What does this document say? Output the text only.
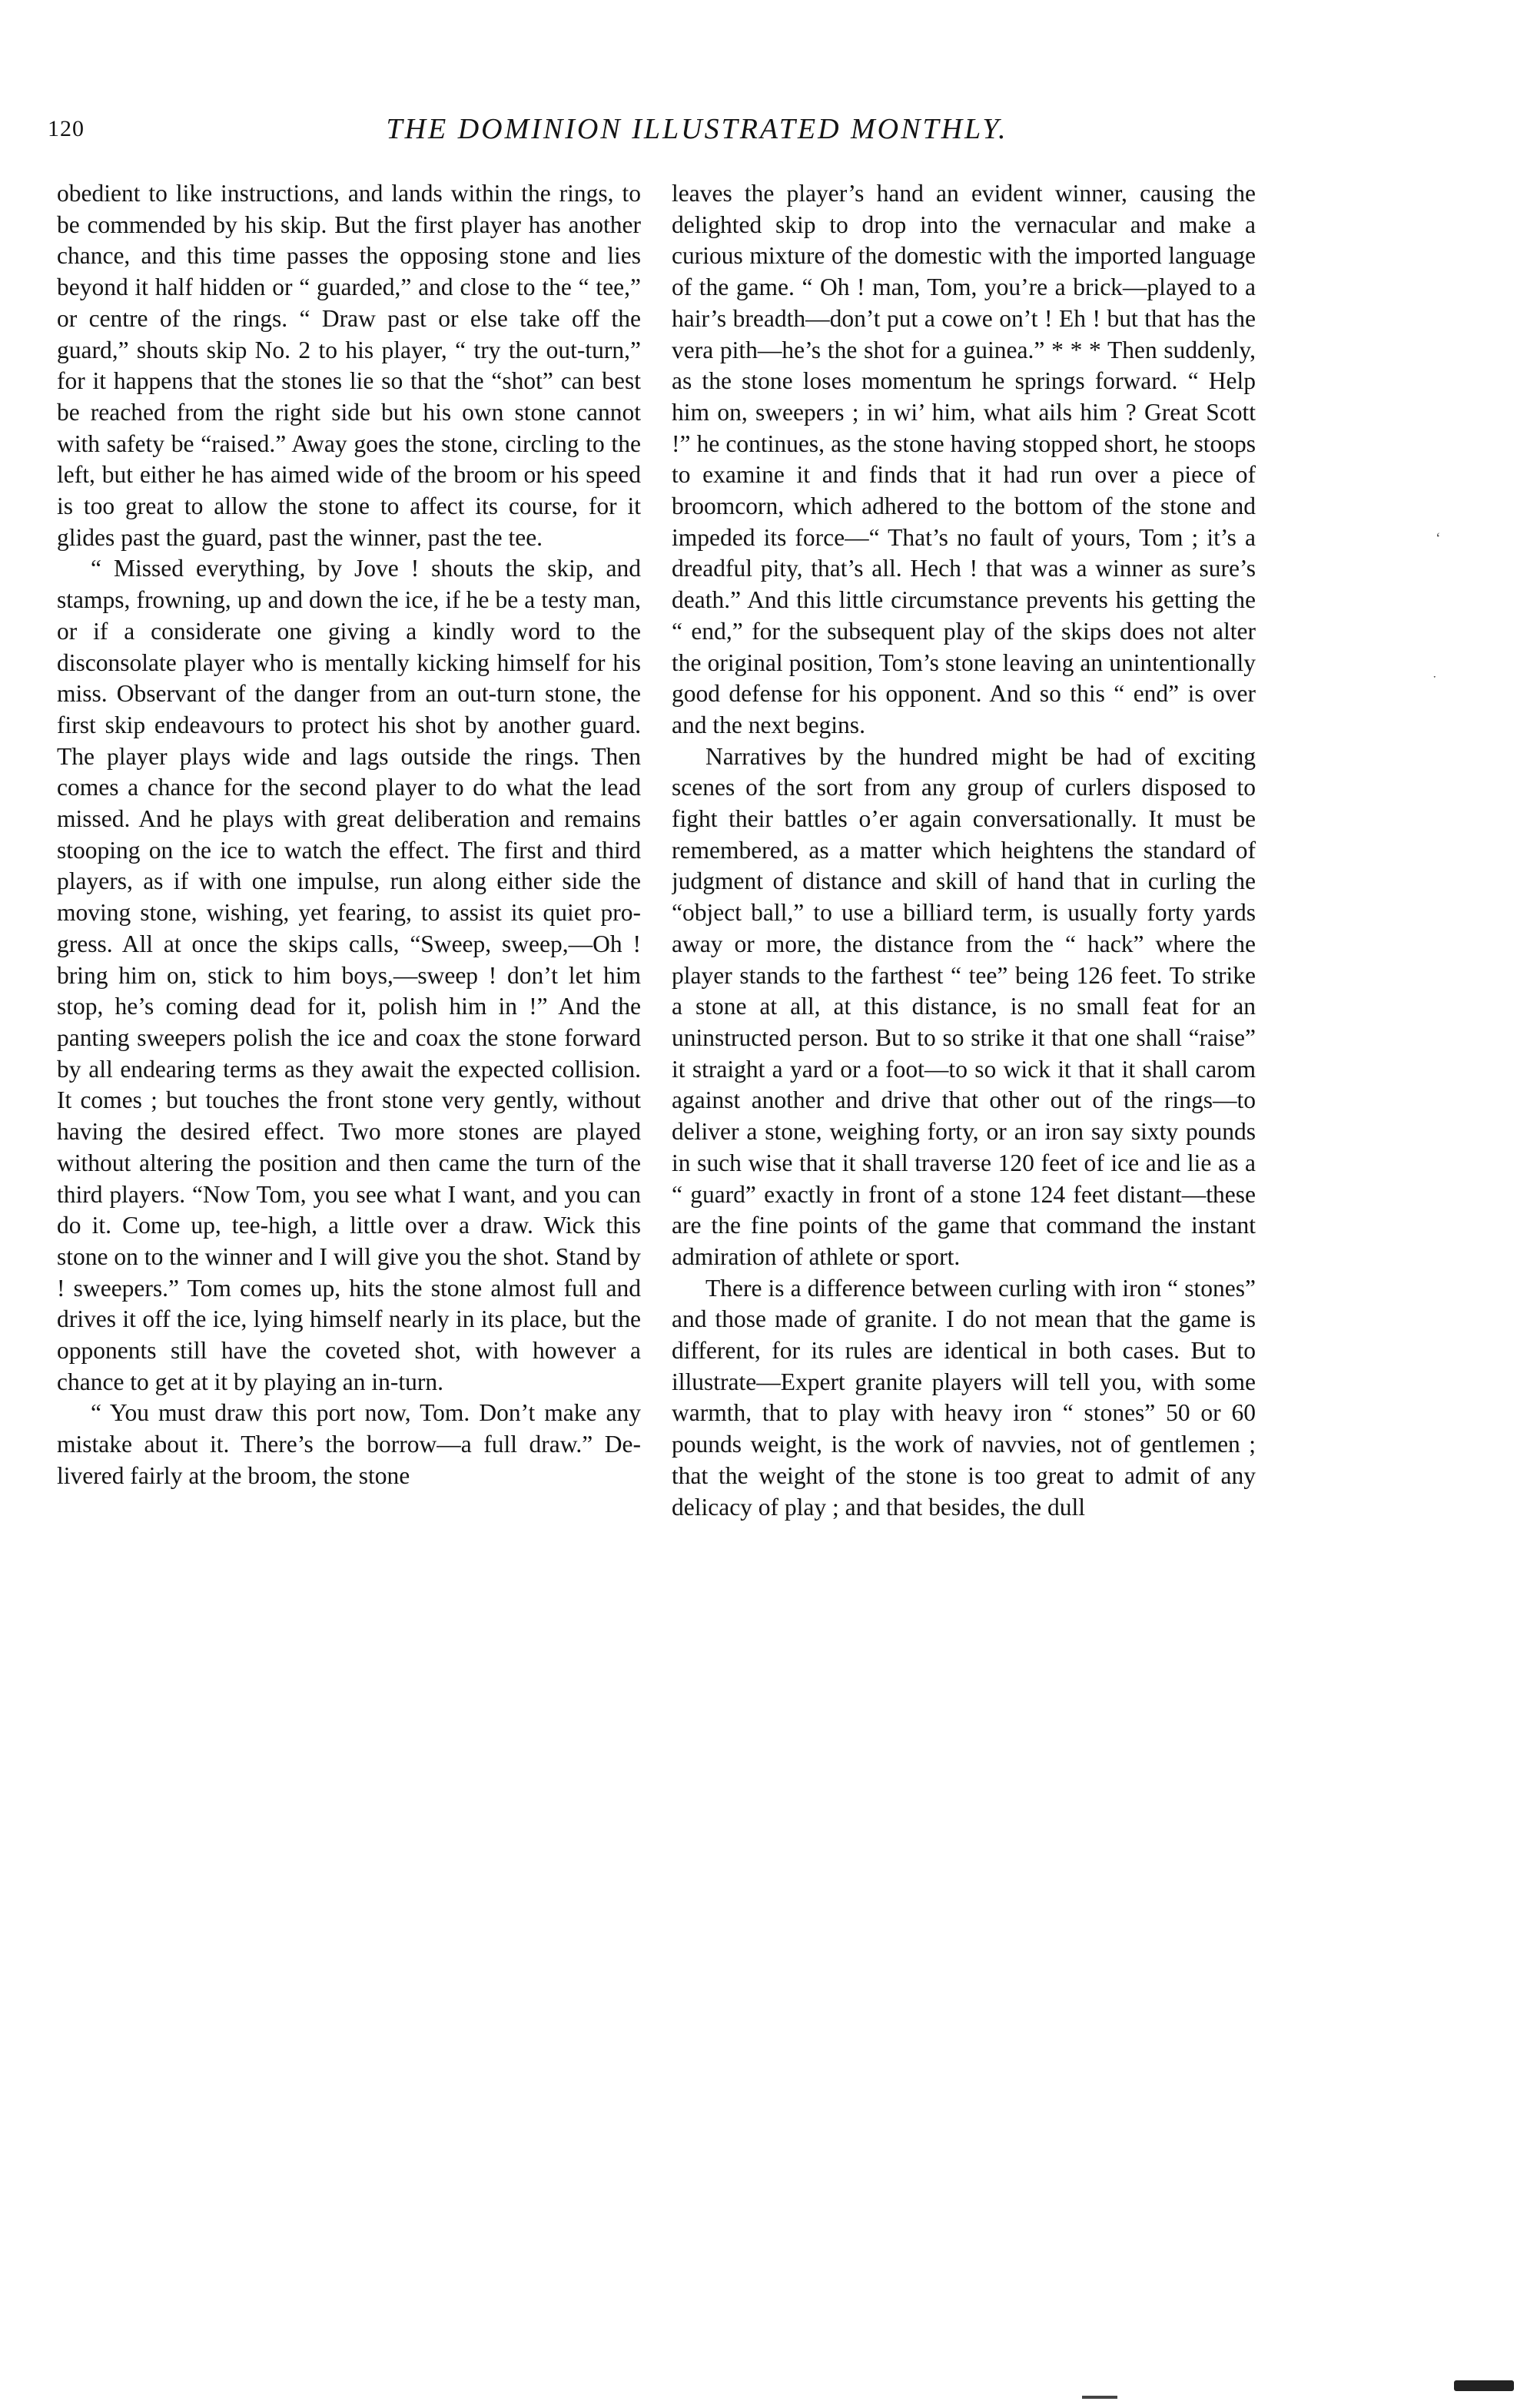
120	THE DOMINION ILLUSTRATED MONTHLY.

obedient to like instructions, and lands within the rings, to be commended by his skip. But the first player has another chance, and this time passes the opposing stone and lies beyond it half hidden or “ guarded,” and close to the “ tee,” or centre of the rings. “ Draw past or else take off the guard,” shouts skip No. 2 to his player, “ try the out-turn,” for it happens that the stones lie so that the “shot” can best be reached from the right side but his own stone cannot with safety be “raised.” Away goes the stone, circling to the left, but either he has aimed wide of the broom or his speed is too great to allow the stone to affect its course, for it glides past the guard, past the winner, past the tee.

“ Missed everything, by Jove ! shouts the skip, and stamps, frowning, up and down the ice, if he be a testy man, or if a considerate one giving a kindly word to the disconsolate player who is mentally kicking himself for his miss. Observant of the danger from an out-turn stone, the first skip endeavours to protect his shot by another guard. The player plays wide and lags outside the rings. Then comes a chance for the second player to do what the lead missed. And he plays with great deliberation and remains stooping on the ice to watch the effect. The first and third players, as if with one impulse, run along either side the moving stone, wishing, yet fearing, to assist its quiet progress. All at once the skips calls, “Sweep, sweep,—Oh ! bring him on, stick to him boys,—sweep ! don’t let him stop, he’s coming dead for it, polish him in !” And the panting sweepers polish the ice and coax the stone forward by all endearing terms as they await the expected collision. It comes ; but touches the front stone very gently, without having the desired effect. Two more stones are played without altering the position and then came the turn of the third players. “Now Tom, you see what I want, and you can do it. Come up, tee-high, a little over a draw. Wick this stone on to the winner and I will give you the shot. Stand by ! sweepers.” Tom comes up, hits the stone almost full and drives it off the ice, lying himself nearly in its place, but the opponents still have the coveted shot, with however a chance to get at it by playing an in-turn.

“ You must draw this port now, Tom. Don’t make any mistake about it. There’s the borrow—a full draw.” Delivered fairly at the broom, the stone

leaves the player’s hand an evident winner, causing the delighted skip to drop into the vernacular and make a curious mixture of the domestic with the imported language of the game. “ Oh ! man, Tom, you’re a brick—played to a hair’s breadth—don’t put a cowe on’t ! Eh ! but that has the vera pith—he’s the shot for a guinea.” * * * Then suddenly, as the stone loses momentum he springs forward. “ Help him on, sweepers ; in wi’ him, what ails him ? Great Scott !” he continues, as the stone having stopped short, he stoops to examine it and finds that it had run over a piece of broomcorn, which adhered to the bottom of the stone and impeded its force—“ That’s no fault of yours, Tom ; it’s a dreadful pity, that’s all. Hech ! that was a winner as sure’s death.” And this little circumstance prevents his getting the “ end,” for the subsequent play of the skips does not alter the original position, Tom’s stone leaving an unintentionally good defense for his opponent. And so this “ end” is over and the next begins.

Narratives by the hundred might be had of exciting scenes of the sort from any group of curlers disposed to fight their battles o’er again conversationally. It must be remembered, as a matter which heightens the standard of judgment of distance and skill of hand that in curling the “object ball,” to use a billiard term, is usually forty yards away or more, the distance from the “ hack” where the player stands to the farthest “ tee” being 126 feet. To strike a stone at all, at this distance, is no small feat for an uninstructed person. But to so strike it that one shall “raise” it straight a yard or a foot—to so wick it that it shall carom against another and drive that other out of the rings—to deliver a stone, weighing forty, or an iron say sixty pounds in such wise that it shall traverse 120 feet of ice and lie as a “ guard” exactly in front of a stone 124 feet distant—these are the fine points of the game that command the instant admiration of athlete or sport.

There is a difference between curling with iron “ stones” and those made of granite. I do not mean that the game is different, for its rules are identical in both cases. But to illustrate—Expert granite players will tell you, with some warmth, that to play with heavy iron “ stones” 50 or 60 pounds weight, is the work of navvies, not of gentlemen ; that the weight of the stone is too great to admit of any delicacy of play ; and that besides, the dull

ʻ
ˑ
